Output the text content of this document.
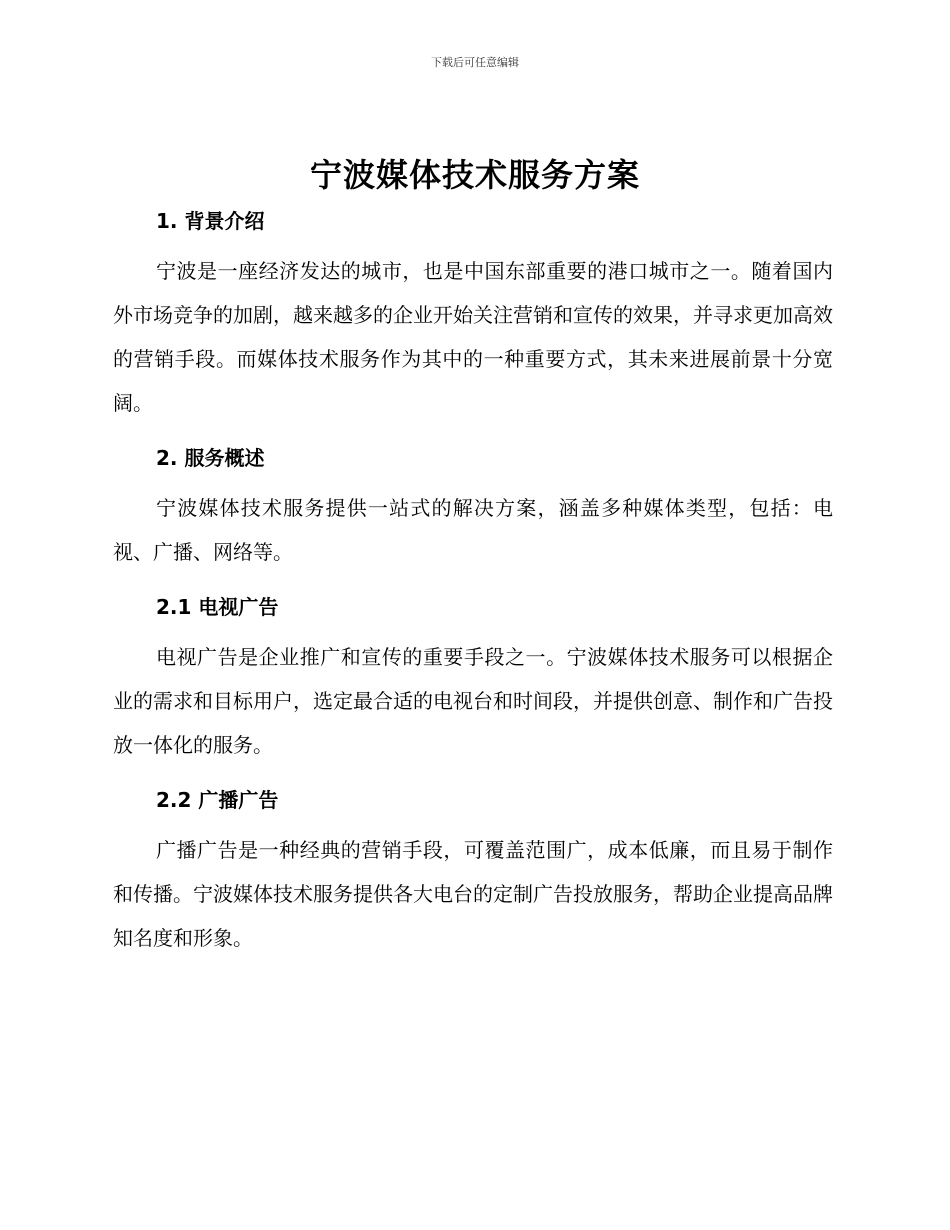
下载后可任意编辑
宁波媒体技术服务方案
1. 背景介绍

宁波是一座经济发达的城市，也是中国东部重要的港口城市之一。随着国内外市场竞争的加剧，越来越多的企业开始关注营销和宣传的效果，并寻求更加高效的营销手段。而媒体技术服务作为其中的一种重要方式，其未来进展前景十分宽阔。

2. 服务概述

宁波媒体技术服务提供一站式的解决方案，涵盖多种媒体类型，包括：电视、广播、网络等。

2.1 电视广告

电视广告是企业推广和宣传的重要手段之一。宁波媒体技术服务可以根据企业的需求和目标用户，选定最合适的电视台和时间段，并提供创意、制作和广告投放一体化的服务。

2.2 广播广告

广播广告是一种经典的营销手段，可覆盖范围广，成本低廉，而且易于制作和传播。宁波媒体技术服务提供各大电台的定制广告投放服务，帮助企业提高品牌知名度和形象。
